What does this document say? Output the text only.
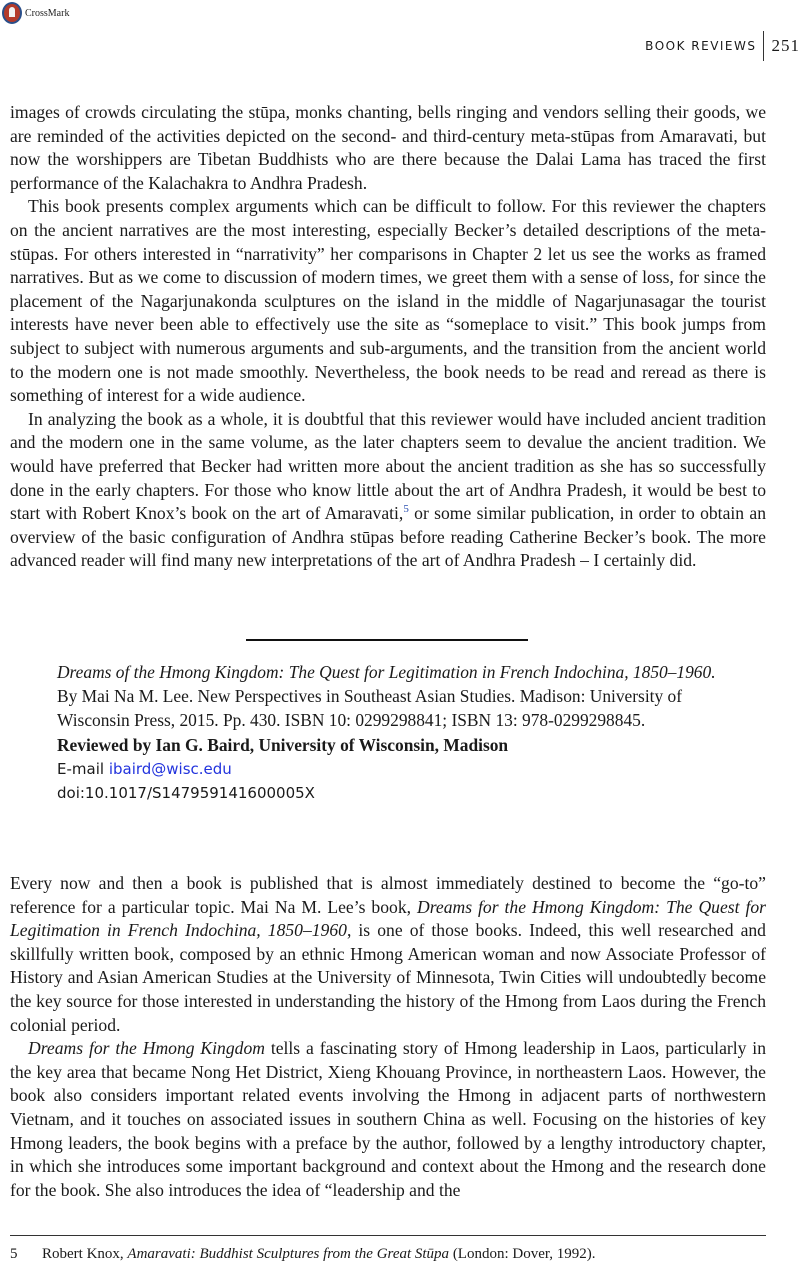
CrossMark
BOOK REVIEWS 251

images of crowds circulating the stūpa, monks chanting, bells ringing and vendors selling their goods, we are reminded of the activities depicted on the second- and third-century meta-stūpas from Amaravati, but now the worshippers are Tibetan Buddhists who are there because the Dalai Lama has traced the first performance of the Kalachakra to Andhra Pradesh.

This book presents complex arguments which can be difficult to follow. For this reviewer the chapters on the ancient narratives are the most interesting, especially Becker’s detailed descriptions of the meta-stūpas. For others interested in “narrativity” her comparisons in Chapter 2 let us see the works as framed narratives. But as we come to discussion of modern times, we greet them with a sense of loss, for since the placement of the Nagarjunakonda sculptures on the island in the middle of Nagarjunasagar the tourist interests have never been able to effectively use the site as “someplace to visit.” This book jumps from subject to subject with numerous arguments and sub-arguments, and the transition from the ancient world to the modern one is not made smoothly. Nevertheless, the book needs to be read and reread as there is something of interest for a wide audience.

In analyzing the book as a whole, it is doubtful that this reviewer would have included ancient tradition and the modern one in the same volume, as the later chapters seem to devalue the ancient tradition. We would have preferred that Becker had written more about the ancient tradition as she has so successfully done in the early chapters. For those who know little about the art of Andhra Pradesh, it would be best to start with Robert Knox’s book on the art of Amaravati,$^5$ or some similar publication, in order to obtain an overview of the basic configuration of Andhra stūpas before reading Catherine Becker’s book. The more advanced reader will find many new interpretations of the art of Andhra Pradesh – I certainly did.

Dreams of the Hmong Kingdom: The Quest for Legitimation in French Indochina, 1850–1960.
By Mai Na M. Lee. New Perspectives in Southeast Asian Studies. Madison: University of
Wisconsin Press, 2015. Pp. 430. ISBN 10: 0299298841; ISBN 13: 978-0299298845.
Reviewed by Ian G. Baird, University of Wisconsin, Madison
E-mail ibaird@wisc.edu
doi:10.1017/S147959141600005X

Every now and then a book is published that is almost immediately destined to become the “go-to” reference for a particular topic. Mai Na M. Lee’s book, Dreams for the Hmong Kingdom: The Quest for Legitimation in French Indochina, 1850–1960, is one of those books. Indeed, this well researched and skillfully written book, composed by an ethnic Hmong American woman and now Associate Professor of History and Asian American Studies at the University of Minnesota, Twin Cities will undoubtedly become the key source for those interested in understanding the history of the Hmong from Laos during the French colonial period.

Dreams for the Hmong Kingdom tells a fascinating story of Hmong leadership in Laos, particularly in the key area that became Nong Het District, Xieng Khouang Province, in northeastern Laos. However, the book also considers important related events involving the Hmong in adjacent parts of northwestern Vietnam, and it touches on associated issues in southern China as well. Focusing on the histories of key Hmong leaders, the book begins with a preface by the author, followed by a lengthy introductory chapter, in which she introduces some important background and context about the Hmong and the research done for the book. She also introduces the idea of “leadership and the

5 Robert Knox, Amaravati: Buddhist Sculptures from the Great Stūpa (London: Dover, 1992).
